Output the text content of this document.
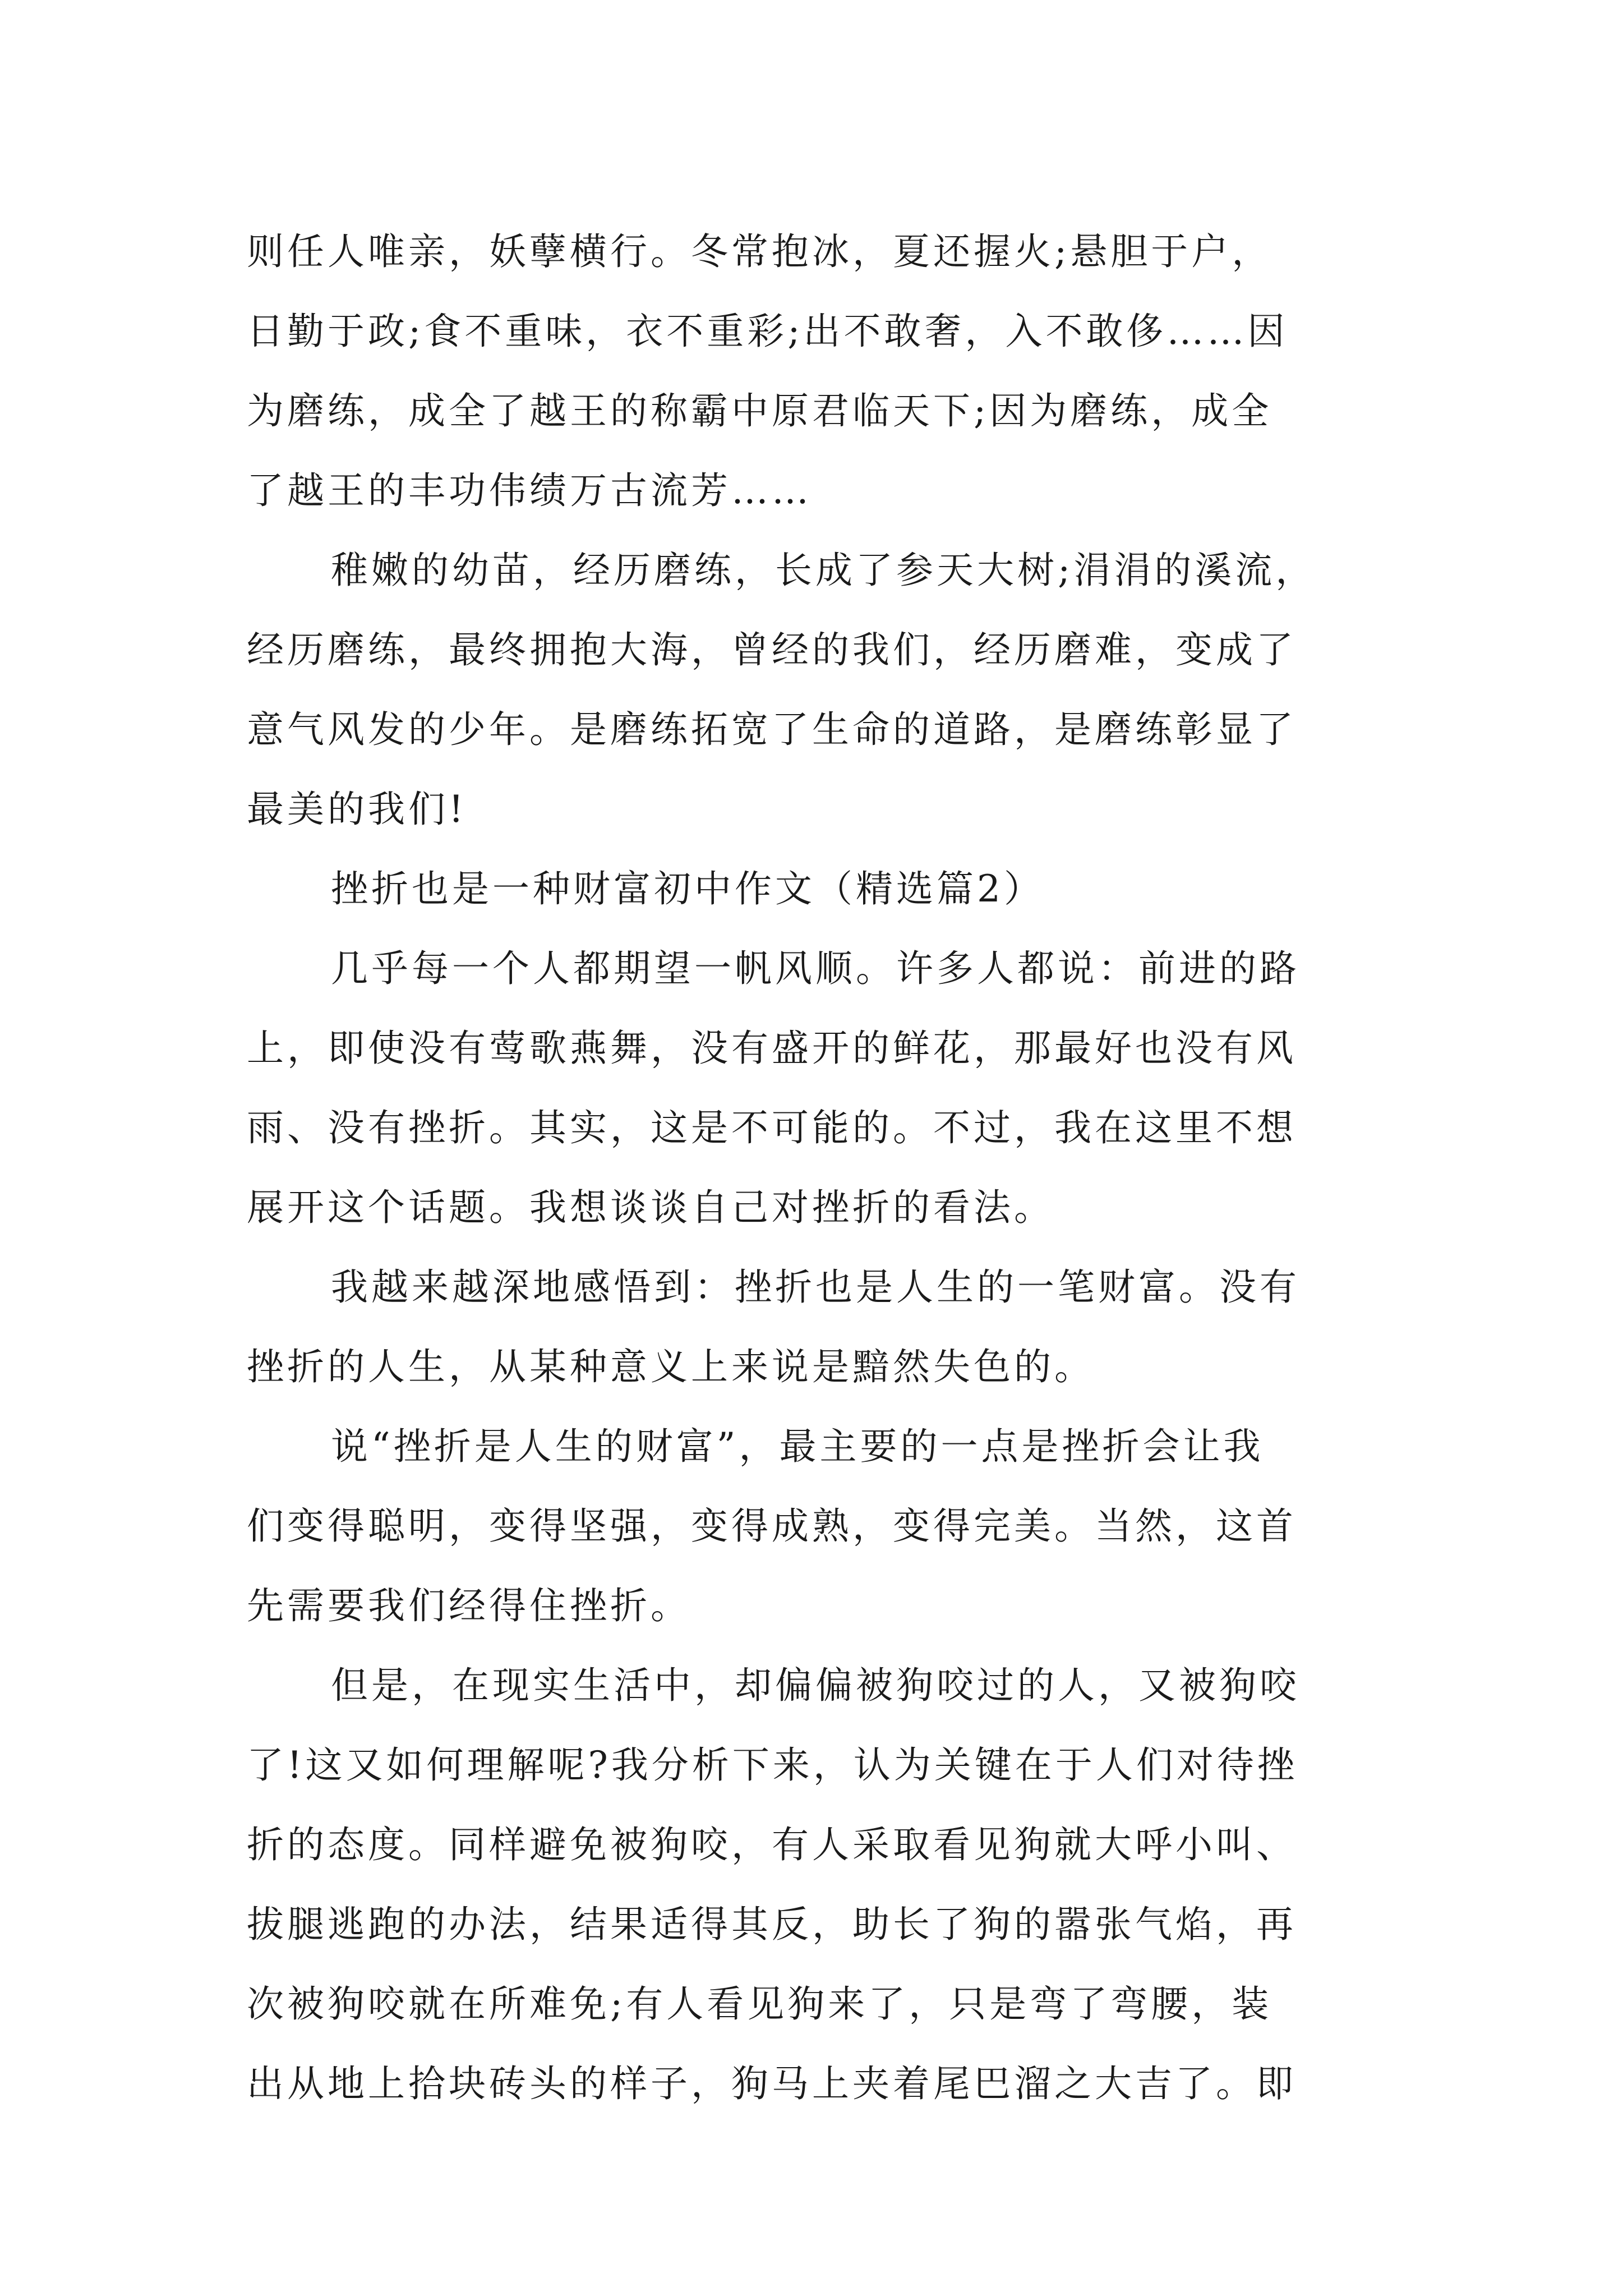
则任人唯亲，妖孽横行。冬常抱冰，夏还握火;悬胆于户，
日勤于政;食不重味，衣不重彩;出不敢奢，入不敢侈……因
为磨练，成全了越王的称霸中原君临天下;因为磨练，成全
了越王的丰功伟绩万古流芳……

稚嫩的幼苗，经历磨练，长成了参天大树;涓涓的溪流，
经历磨练，最终拥抱大海，曾经的我们，经历磨难，变成了
意气风发的少年。是磨练拓宽了生命的道路，是磨练彰显了
最美的我们!

挫折也是一种财富初中作文（精选篇2）

几乎每一个人都期望一帆风顺。许多人都说：前进的路
上，即使没有莺歌燕舞，没有盛开的鲜花，那最好也没有风
雨、没有挫折。其实，这是不可能的。不过，我在这里不想
展开这个话题。我想谈谈自己对挫折的看法。

我越来越深地感悟到：挫折也是人生的一笔财富。没有
挫折的人生，从某种意义上来说是黯然失色的。

说“挫折是人生的财富”，最主要的一点是挫折会让我
们变得聪明，变得坚强，变得成熟，变得完美。当然，这首
先需要我们经得住挫折。

但是，在现实生活中，却偏偏被狗咬过的人，又被狗咬
了!这又如何理解呢?我分析下来，认为关键在于人们对待挫
折的态度。同样避免被狗咬，有人采取看见狗就大呼小叫、
拔腿逃跑的办法，结果适得其反，助长了狗的嚣张气焰，再
次被狗咬就在所难免;有人看见狗来了，只是弯了弯腰，装
出从地上拾块砖头的样子，狗马上夹着尾巴溜之大吉了。即
